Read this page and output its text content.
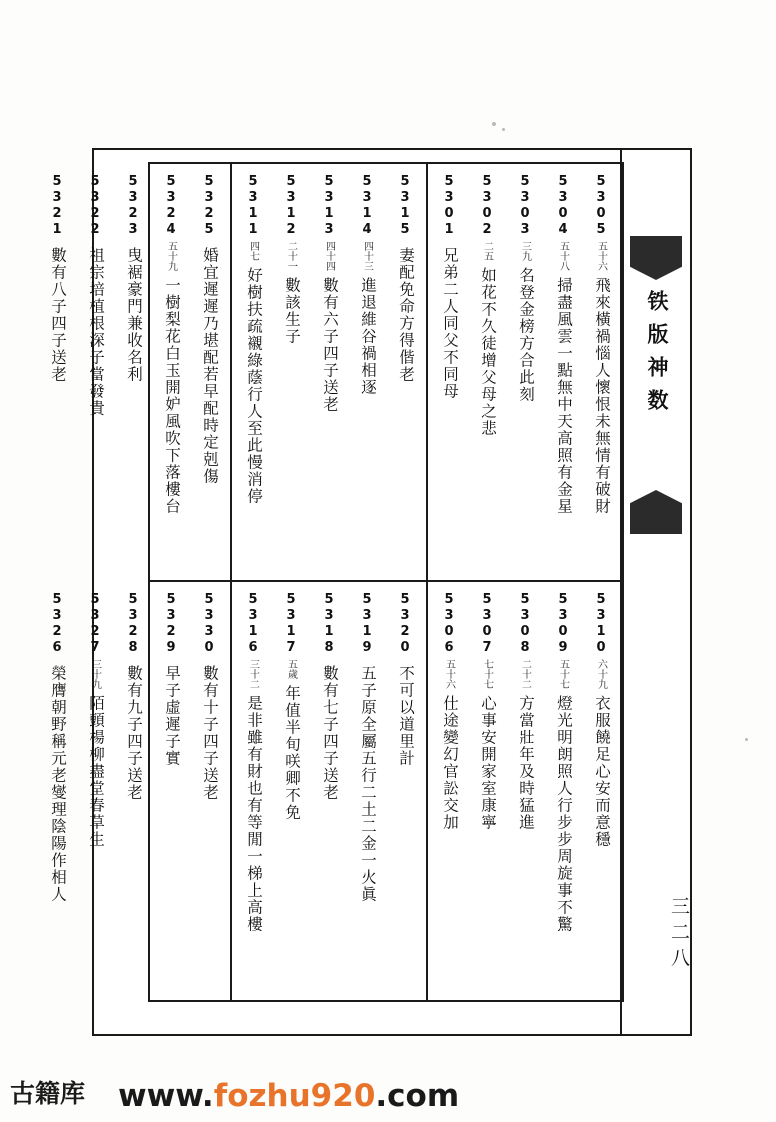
5301
兄弟二人同父不同母
5302
二五
如花不久徒增父母之悲
5303
三九
名登金榜方合此刻
5304
五十八
掃盡風雲一點無中天高照有金星
5305
五十六
飛來橫禍惱人懷恨未無情有破財
5311
四七
好樹扶疏襯綠蔭行人至此慢消停
5312
二十一
數該生子
5313
四十四
數有六子四子送老
5314
四十三
進退維谷禍相逐
5315
妻配免命方得偕老
5321
數有八子四子送老
5322
祖宗培植根深子當發貴
5323
曳裾豪門兼收名利
5324
五十九
一樹梨花白玉開妒風吹下落樓台
5325
婚宜遲遲乃堪配若早配時定剋傷
5306
五十六
仕途變幻官訟交加
5307
七十七
心事安開家室康寧
5308
二十二
方當壯年及時猛進
5309
五十七
燈光明朗照人行步步周旋事不驚
5310
六十九
衣服饒足心安而意穩
5316
三十二
是非雖有財也有等閒一梯上高樓
5317
五歲
年值半旬咲卿不免
5318
數有七子四子送老
5319
五子原全屬五行二土二金一火眞
5320
不可以道里計
5326
榮膺朝野稱元老燮理陰陽作相人
5327
三十九
陌頭楊柳盡堂春草生
5328
數有九子四子送老
5329
早子虛遲子實
5330
數有十子四子送老
铁版神数
三二八
古籍库 www.fozhu920.com
